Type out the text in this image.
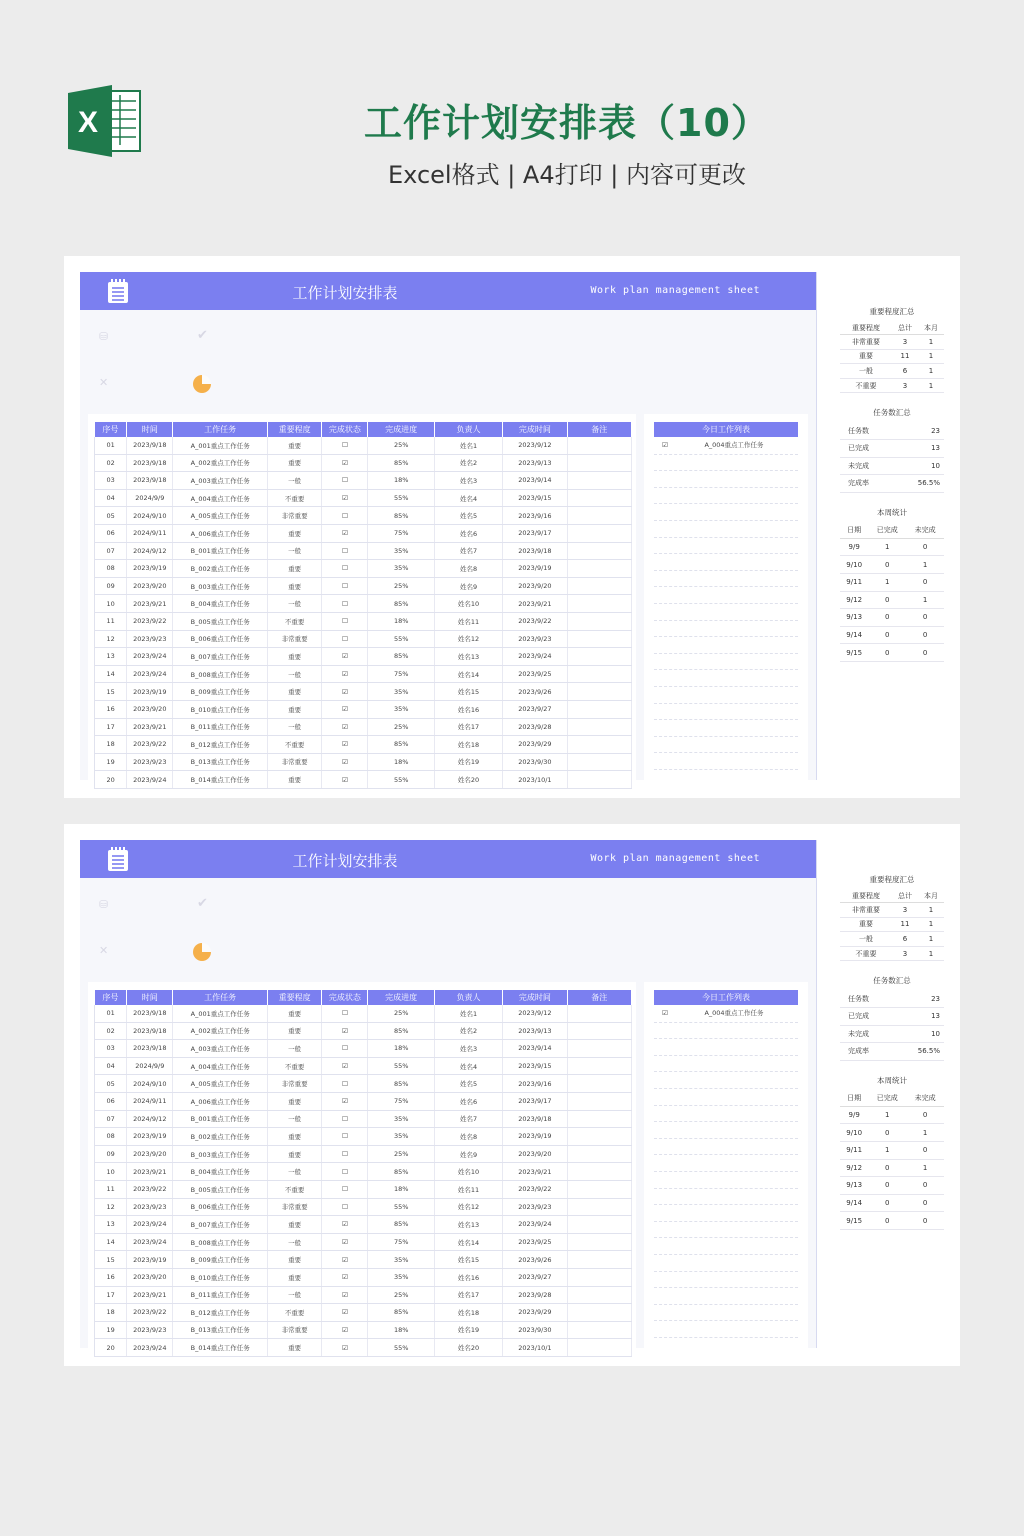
X	工作计划安排表（10）
Excel格式 | A4打印 | 内容可更改
工作计划安排表	Work plan management sheet
⛁	✔
✕
序号	时间	工作任务	重要程度	完成状态	完成进度	负责人	完成时间	备注
01	2023/9/18	A_001重点工作任务	重要	☐	25%	姓名1	2023/9/12	
02	2023/9/18	A_002重点工作任务	重要	☑	85%	姓名2	2023/9/13	
03	2023/9/18	A_003重点工作任务	一般	☐	18%	姓名3	2023/9/14	
04	2024/9/9	A_004重点工作任务	不重要	☑	55%	姓名4	2023/9/15	
05	2024/9/10	A_005重点工作任务	非常重要	☐	85%	姓名5	2023/9/16	
06	2024/9/11	A_006重点工作任务	重要	☑	75%	姓名6	2023/9/17	
07	2024/9/12	B_001重点工作任务	一般	☐	35%	姓名7	2023/9/18	
08	2023/9/19	B_002重点工作任务	重要	☐	35%	姓名8	2023/9/19	
09	2023/9/20	B_003重点工作任务	重要	☐	25%	姓名9	2023/9/20	
10	2023/9/21	B_004重点工作任务	一般	☐	85%	姓名10	2023/9/21	
11	2023/9/22	B_005重点工作任务	不重要	☐	18%	姓名11	2023/9/22	
12	2023/9/23	B_006重点工作任务	非常重要	☐	55%	姓名12	2023/9/23	
13	2023/9/24	B_007重点工作任务	重要	☑	85%	姓名13	2023/9/24	
14	2023/9/24	B_008重点工作任务	一般	☑	75%	姓名14	2023/9/25	
15	2023/9/19	B_009重点工作任务	重要	☑	35%	姓名15	2023/9/26	
16	2023/9/20	B_010重点工作任务	重要	☑	35%	姓名16	2023/9/27	
17	2023/9/21	B_011重点工作任务	一般	☑	25%	姓名17	2023/9/28	
18	2023/9/22	B_012重点工作任务	不重要	☑	85%	姓名18	2023/9/29	
19	2023/9/23	B_013重点工作任务	非常重要	☑	18%	姓名19	2023/9/30	
20	2023/9/24	B_014重点工作任务	重要	☑	55%	姓名20	2023/10/1	
今日工作列表
☑	A_004重点工作任务
重要程度汇总
重要程度	总计	本月
非常重要	3	1
重要	11	1
一般	6	1
不重要	3	1
任务数汇总
任务数	23
已完成	13
未完成	10
完成率	56.5%
本周统计
日期	已完成	未完成
9/9	1	0
9/10	0	1
9/11	1	0
9/12	0	1
9/13	0	0
9/14	0	0
9/15	0	0
工作计划安排表	Work plan management sheet
⛁	✔
✕
序号	时间	工作任务	重要程度	完成状态	完成进度	负责人	完成时间	备注
01	2023/9/18	A_001重点工作任务	重要	☐	25%	姓名1	2023/9/12	
02	2023/9/18	A_002重点工作任务	重要	☑	85%	姓名2	2023/9/13	
03	2023/9/18	A_003重点工作任务	一般	☐	18%	姓名3	2023/9/14	
04	2024/9/9	A_004重点工作任务	不重要	☑	55%	姓名4	2023/9/15	
05	2024/9/10	A_005重点工作任务	非常重要	☐	85%	姓名5	2023/9/16	
06	2024/9/11	A_006重点工作任务	重要	☑	75%	姓名6	2023/9/17	
07	2024/9/12	B_001重点工作任务	一般	☐	35%	姓名7	2023/9/18	
08	2023/9/19	B_002重点工作任务	重要	☐	35%	姓名8	2023/9/19	
09	2023/9/20	B_003重点工作任务	重要	☐	25%	姓名9	2023/9/20	
10	2023/9/21	B_004重点工作任务	一般	☐	85%	姓名10	2023/9/21	
11	2023/9/22	B_005重点工作任务	不重要	☐	18%	姓名11	2023/9/22	
12	2023/9/23	B_006重点工作任务	非常重要	☐	55%	姓名12	2023/9/23	
13	2023/9/24	B_007重点工作任务	重要	☑	85%	姓名13	2023/9/24	
14	2023/9/24	B_008重点工作任务	一般	☑	75%	姓名14	2023/9/25	
15	2023/9/19	B_009重点工作任务	重要	☑	35%	姓名15	2023/9/26	
16	2023/9/20	B_010重点工作任务	重要	☑	35%	姓名16	2023/9/27	
17	2023/9/21	B_011重点工作任务	一般	☑	25%	姓名17	2023/9/28	
18	2023/9/22	B_012重点工作任务	不重要	☑	85%	姓名18	2023/9/29	
19	2023/9/23	B_013重点工作任务	非常重要	☑	18%	姓名19	2023/9/30	
20	2023/9/24	B_014重点工作任务	重要	☑	55%	姓名20	2023/10/1	
今日工作列表
☑	A_004重点工作任务
重要程度汇总
重要程度	总计	本月
非常重要	3	1
重要	11	1
一般	6	1
不重要	3	1
任务数汇总
任务数	23
已完成	13
未完成	10
完成率	56.5%
本周统计
日期	已完成	未完成
9/9	1	0
9/10	0	1
9/11	1	0
9/12	0	1
9/13	0	0
9/14	0	0
9/15	0	0
